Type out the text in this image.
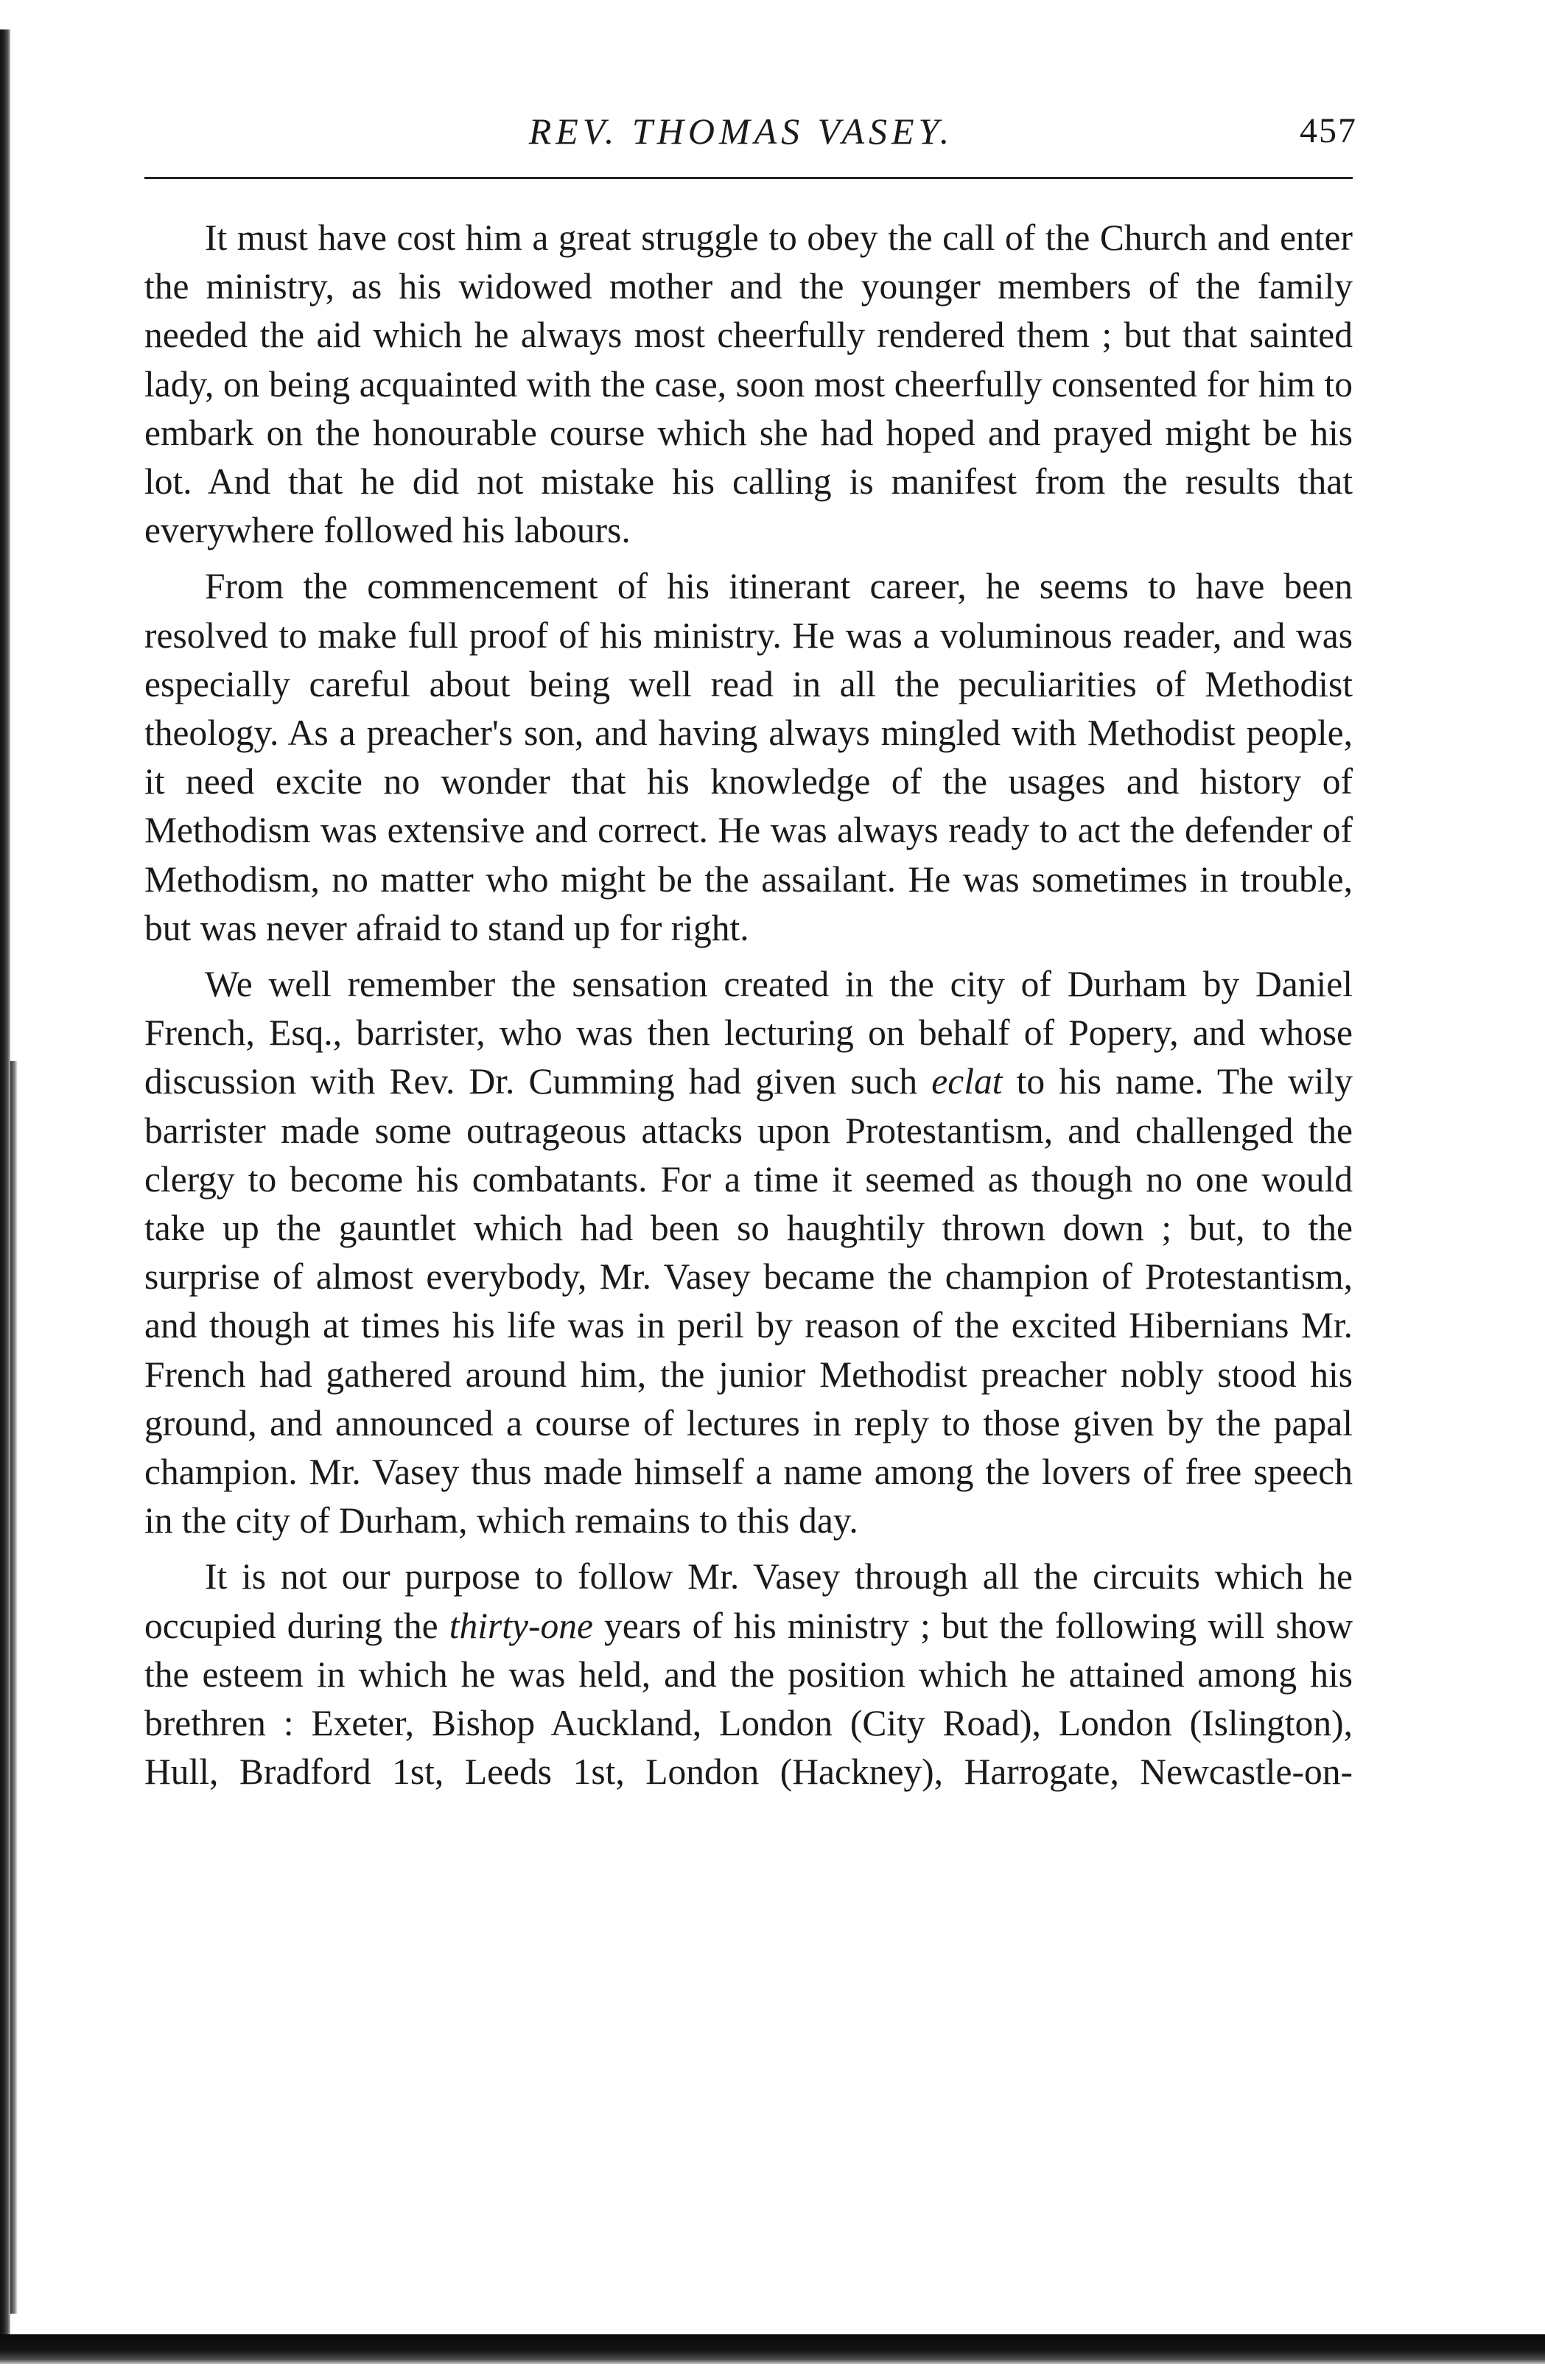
REV. THOMAS VASEY.	457

It must have cost him a great struggle to obey the call of the Church and enter the ministry, as his widowed mother and the younger members of the family needed the aid which he always most cheerfully rendered them ; but that sainted lady, on being acquainted with the case, soon most cheerfully consented for him to embark on the honourable course which she had hoped and prayed might be his lot. And that he did not mistake his calling is manifest from the results that everywhere followed his labours.

From the commencement of his itinerant career, he seems to have been resolved to make full proof of his ministry. He was a voluminous reader, and was especially careful about being well read in all the peculiarities of Methodist theology. As a preacher's son, and having always mingled with Methodist people, it need excite no wonder that his knowledge of the usages and history of Methodism was extensive and correct. He was always ready to act the defender of Methodism, no matter who might be the assailant. He was sometimes in trouble, but was never afraid to stand up for right.

We well remember the sensation created in the city of Durham by Daniel French, Esq., barrister, who was then lecturing on behalf of Popery, and whose discussion with Rev. Dr. Cumming had given such eclat to his name. The wily barrister made some outrageous attacks upon Protestantism, and challenged the clergy to become his combatants. For a time it seemed as though no one would take up the gauntlet which had been so haughtily thrown down ; but, to the surprise of almost everybody, Mr. Vasey became the champion of Protestantism, and though at times his life was in peril by reason of the excited Hibernians Mr. French had gathered around him, the junior Methodist preacher nobly stood his ground, and announced a course of lectures in reply to those given by the papal champion. Mr. Vasey thus made himself a name among the lovers of free speech in the city of Durham, which remains to this day.

It is not our purpose to follow Mr. Vasey through all the circuits which he occupied during the thirty-one years of his ministry ; but the following will show the esteem in which he was held, and the position which he attained among his brethren : Exeter, Bishop Auckland, London (City Road), London (Islington), Hull, Bradford 1st, Leeds 1st, London (Hackney), Harrogate, Newcastle-on-
